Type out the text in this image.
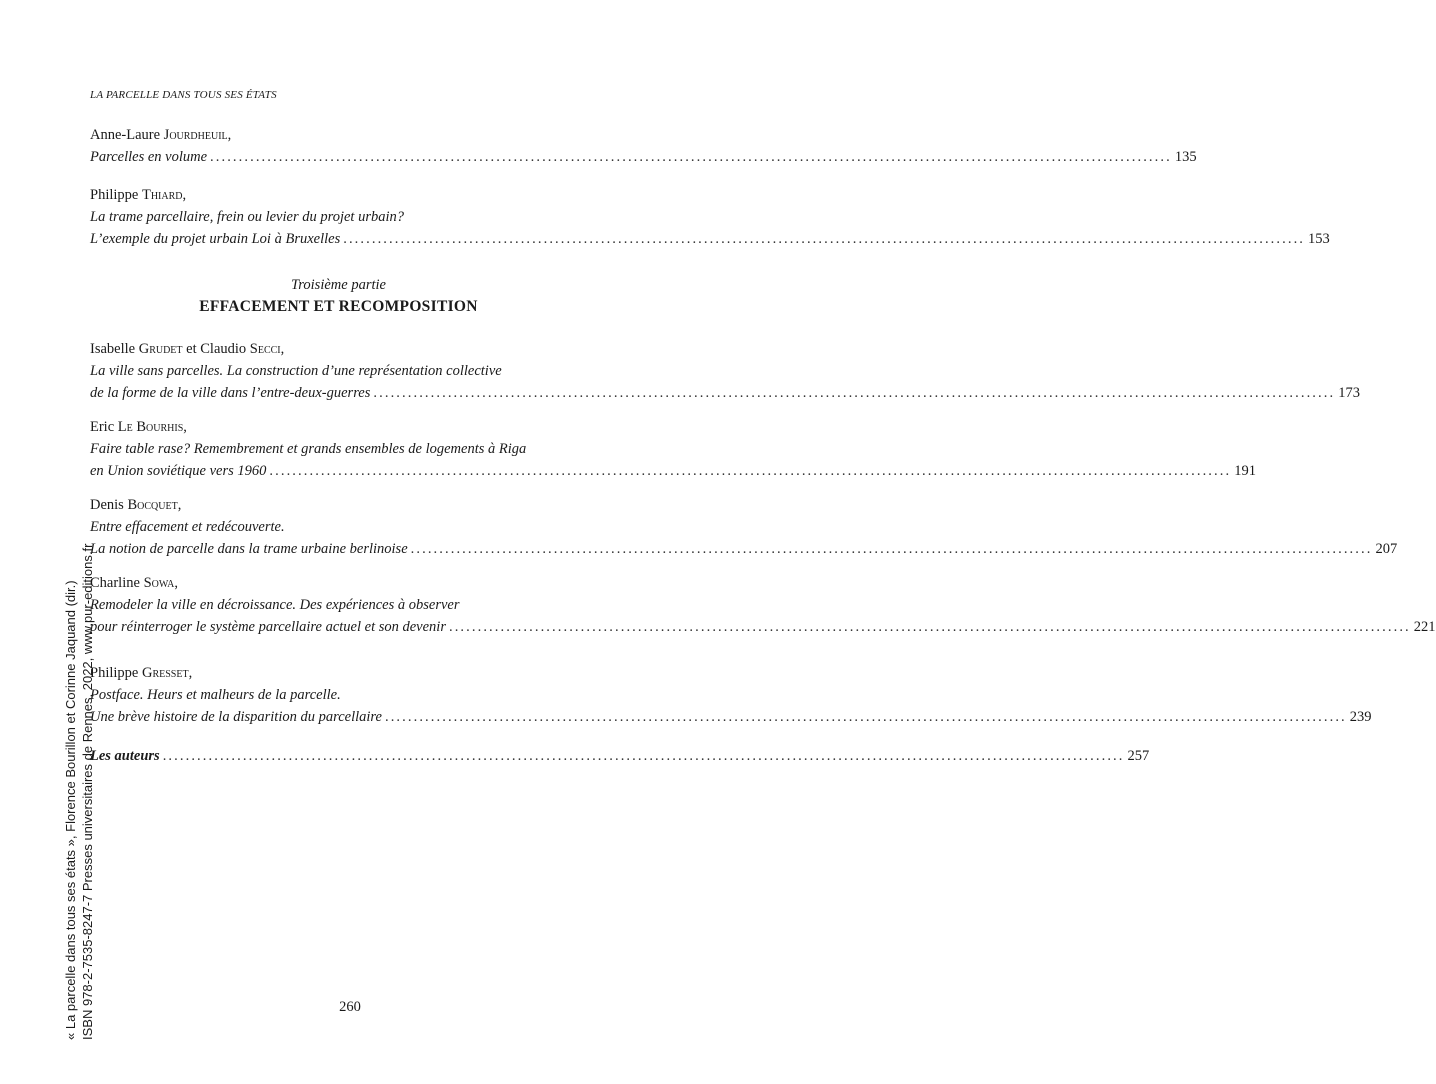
LA PARCELLE DANS TOUS SES ÉTATS
Anne-Laure Jourdheuil,
Parcelles en volume ........................................................................................................................................................................ 135
Philippe Thiard,
La trame parcellaire, frein ou levier du projet urbain?
L’exemple du projet urbain Loi à Bruxelles ........................................................................................................................................................................ 153
Troisième partie
EFFACEMENT ET RECOMPOSITION
Isabelle Grudet et Claudio Secci,
La ville sans parcelles. La construction d’une représentation collective
de la forme de la ville dans l’entre-deux-guerres ........................................................................................................................................................................ 173
Eric Le Bourhis,
Faire table rase? Remembrement et grands ensembles de logements à Riga
en Union soviétique vers 1960 ........................................................................................................................................................................ 191
Denis Bocquet,
Entre effacement et redécouverte.
La notion de parcelle dans la trame urbaine berlinoise ........................................................................................................................................................................ 207
Charline Sowa,
Remodeler la ville en décroissance. Des expériences à observer
pour réinterroger le système parcellaire actuel et son devenir ........................................................................................................................................................................ 221
Philippe Gresset,
Postface. Heurs et malheurs de la parcelle.
Une brève histoire de la disparition du parcellaire ........................................................................................................................................................................ 239
Les auteurs ........................................................................................................................................................................ 257
« La parcelle dans tous ses états », Florence Bourillon et Corinne Jaquand (dir.) ISBN 978-2-7535-8247-7 Presses universitaires de Rennes, 2022, www.pur-editions.fr	260
